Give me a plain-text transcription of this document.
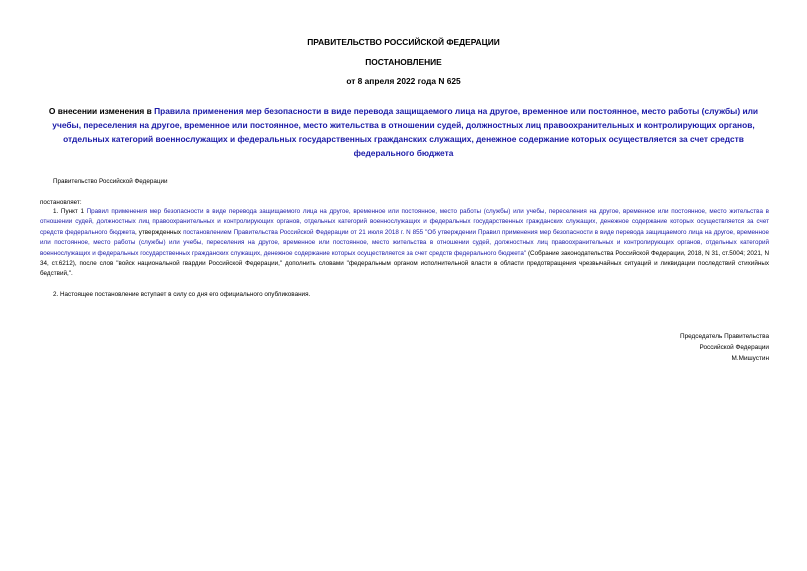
ПРАВИТЕЛЬСТВО РОССИЙСКОЙ ФЕДЕРАЦИИ
ПОСТАНОВЛЕНИЕ
от 8 апреля 2022 года N 625
О внесении изменения в Правила применения мер безопасности в виде перевода защищаемого лица на другое, временное или постоянное, место работы (службы) или учебы, переселения на другое, временное или постоянное, место жительства в отношении судей, должностных лиц правоохранительных и контролирующих органов, отдельных категорий военнослужащих и федеральных государственных гражданских служащих, денежное содержание которых осуществляется за счет средств федерального бюджета
Правительство Российской Федерации
постановляет:
1. Пункт 1 Правил применения мер безопасности в виде перевода защищаемого лица на другое, временное или постоянное, место работы (службы) или учебы, переселения на другое, временное или постоянное, место жительства в отношении судей, должностных лиц правоохранительных и контролирующих органов, отдельных категорий военнослужащих и федеральных государственных гражданских служащих, денежное содержание которых осуществляется за счет средств федерального бюджета, утвержденных постановлением Правительства Российской Федерации от 21 июля 2018 г. N 855 "Об утверждении Правил применения мер безопасности в виде перевода защищаемого лица на другое, временное или постоянное, место работы (службы) или учебы, переселения на другое, временное или постоянное, место жительства в отношении судей, должностных лиц правоохранительных и контролирующих органов, отдельных категорий военнослужащих и федеральных государственных гражданских служащих, денежное содержание которых осуществляется за счет средств федерального бюджета" (Собрание законодательства Российской Федерации, 2018, N 31, ст.5004; 2021, N 34, ст.6212), после слов "войск национальной гвардии Российской Федерации," дополнить словами "федеральным органом исполнительной власти в области предотвращения чрезвычайных ситуаций и ликвидации последствий стихийных бедствий,".
2. Настоящее постановление вступает в силу со дня его официального опубликования.
Председатель Правительства
Российской Федерации
М.Мишустин
